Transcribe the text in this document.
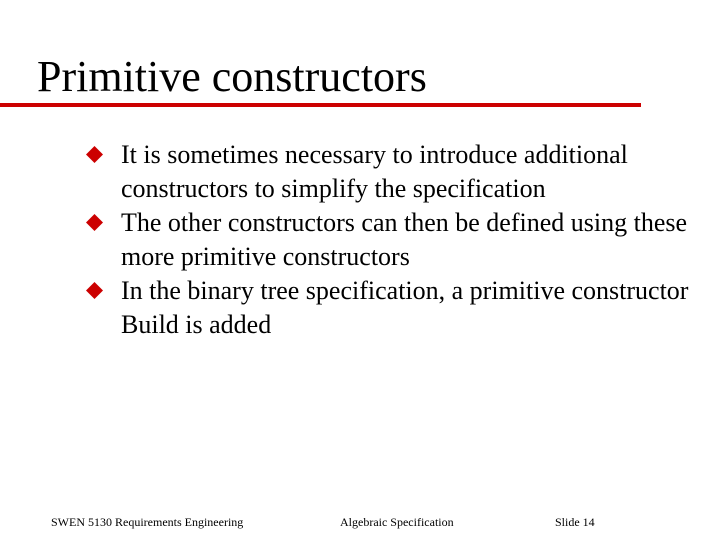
Primitive constructors
It is sometimes necessary to introduce additional constructors to simplify the specification
The other constructors can then be defined using these more primitive constructors
In the binary tree specification, a primitive constructor Build is added
SWEN 5130 Requirements Engineering	Algebraic Specification	Slide 14
